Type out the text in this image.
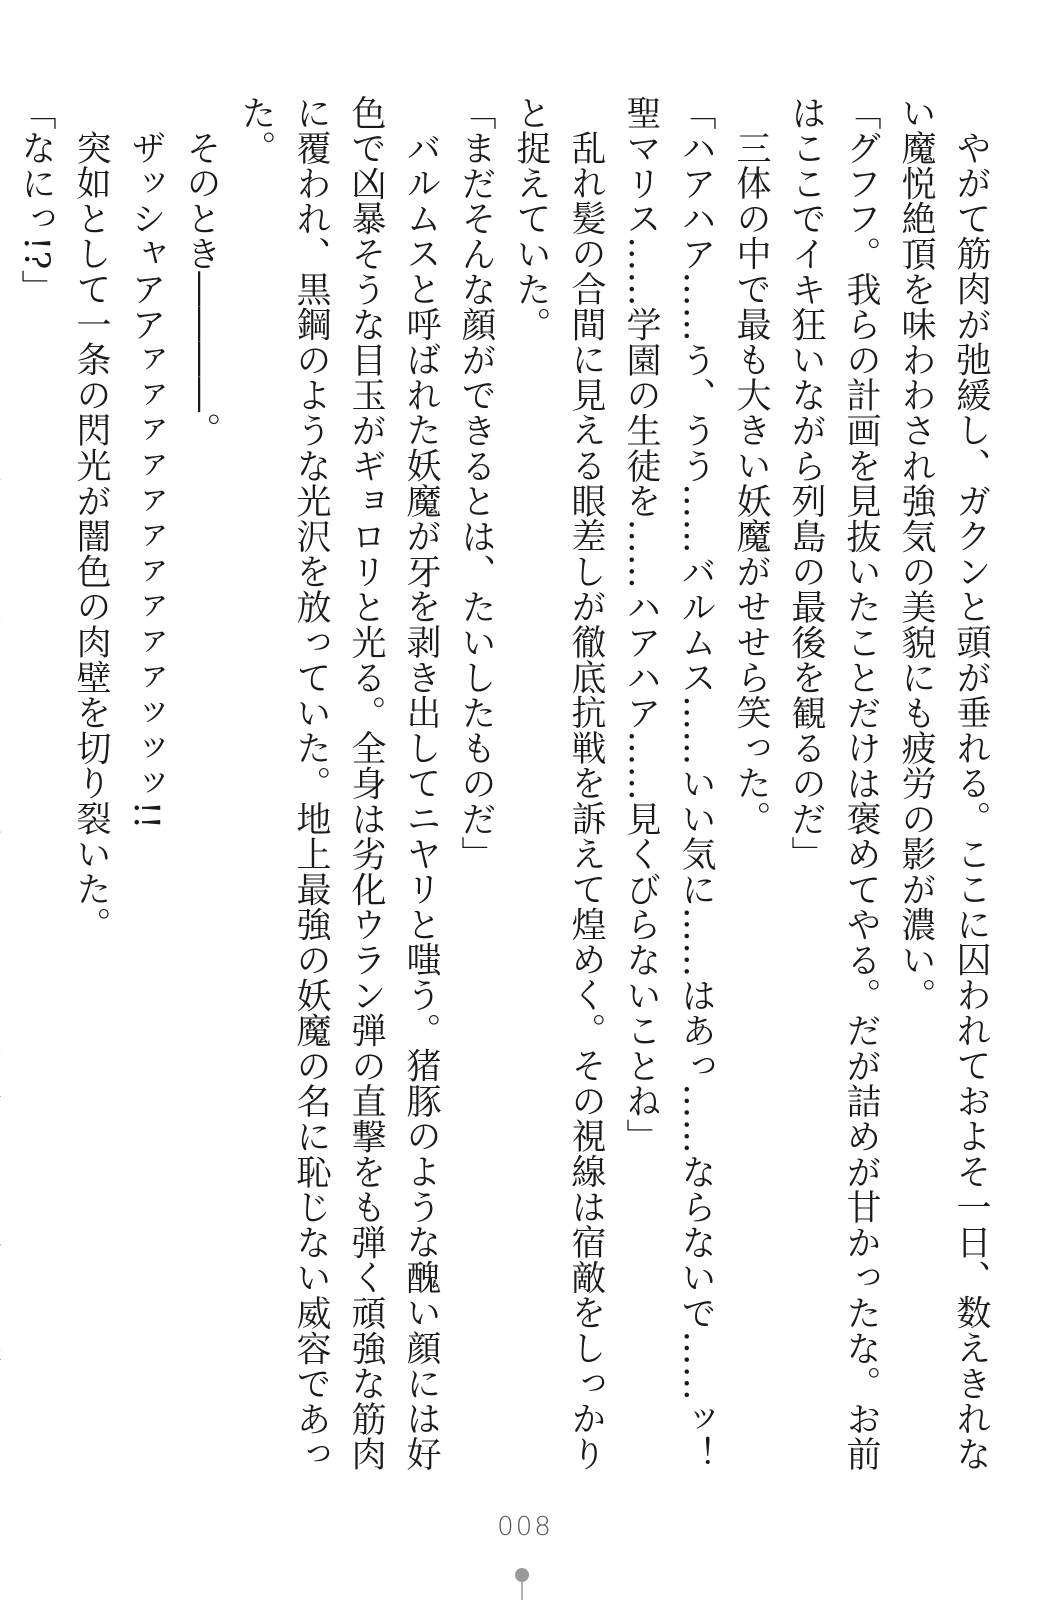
やがて筋肉が弛緩し、ガクンと頭が垂れる。ここに囚われておよそ一日、数えきれない魔悦絶頂を味わわされ強気の美貌にも疲労の影が濃い。

「グフフ。我らの計画を見抜いたことだけは褒めてやる。だが詰めが甘かったな。お前はここでイキ狂いながら列島の最後を観るのだ」

三体の中で最も大きい妖魔がせせら笑った。

「ハアハア……う、うう……バルムス……いい気に……はあっ……ならないで……ッ！聖マリス……学園の生徒を……ハアハア……見くびらないことね」

乱れ髪の合間に見える眼差しが徹底抗戦を訴えて煌めく。その視線は宿敵をしっかりと捉えていた。

「まだそんな顔ができるとは、たいしたものだ」

バルムスと呼ばれた妖魔が牙を剥き出してニヤリと嗤う。猪豚のような醜い顔には好色で凶暴そうな目玉がギョロリと光る。全身は劣化ウラン弾の直撃をも弾く頑強な筋肉に覆われ、黒鋼のような光沢を放っていた。地上最強の妖魔の名に恥じない威容であった。

そのとき――――。

ザッシャアアァァァァァァァァァァッッッ!!

突如として一条の閃光が闇色の肉壁を切り裂いた。

「なにっ!?」

008
